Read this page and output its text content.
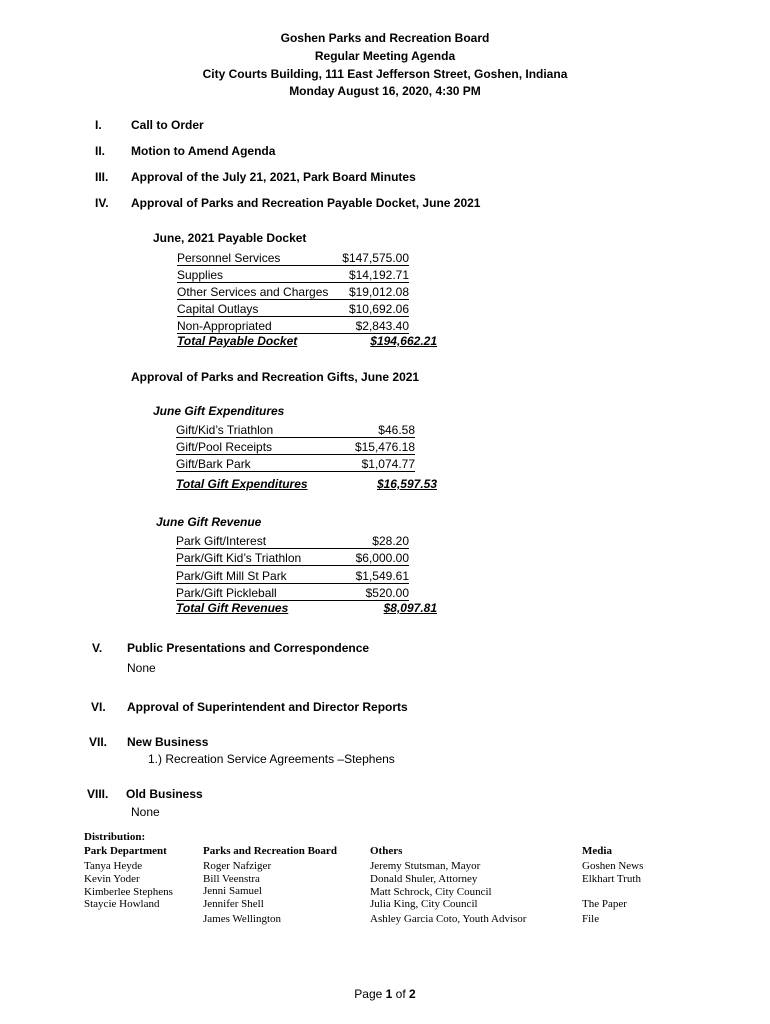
Goshen Parks and Recreation Board
Regular Meeting Agenda
City Courts Building, 111 East Jefferson Street, Goshen, Indiana
Monday August 16, 2020, 4:30 PM
I. Call to Order
II. Motion to Amend Agenda
III. Approval of the July 21, 2021, Park Board Minutes
IV. Approval of Parks and Recreation Payable Docket, June 2021
June, 2021 Payable Docket
Personnel Services	$147,575.00
Supplies	$14,192.71
Other Services and Charges $19,012.08
Capital Outlays	$10,692.06
Non-Appropriated	$2,843.40
Total Payable Docket	$194,662.21
Approval of Parks and Recreation Gifts, June 2021
June Gift Expenditures
Gift/Kid’s Triathlon	$46.58
Gift/Pool Receipts	$15,476.18
Gift/Bark Park	$1,074.77
Total Gift Expenditures	$16,597.53
June Gift Revenue
Park Gift/Interest	$28.20
Park/Gift Kid’s Triathlon	$6,000.00
Park/Gift Mill St Park	$1,549.61
Park/Gift Pickleball	$520.00
Total Gift Revenues	$8,097.81
V. Public Presentations and Correspondence
None
VI. Approval of Superintendent and Director Reports
VII. New Business
1.) Recreation Service Agreements –Stephens
VIII. Old Business
None
Distribution:
Park Department
Tanya Heyde
Kevin Yoder
Kimberlee Stephens
Staycie Howland
Parks and Recreation Board
Roger Nafziger
Bill Veenstra
Jenni Samuel
Jennifer Shell
James Wellington
Others
Jeremy Stutsman, Mayor
Donald Shuler, Attorney
Matt Schrock, City Council
Julia King, City Council
Ashley Garcia Coto, Youth Advisor
Media
Goshen News
Elkhart Truth
The Paper
File
Page 1 of 2
